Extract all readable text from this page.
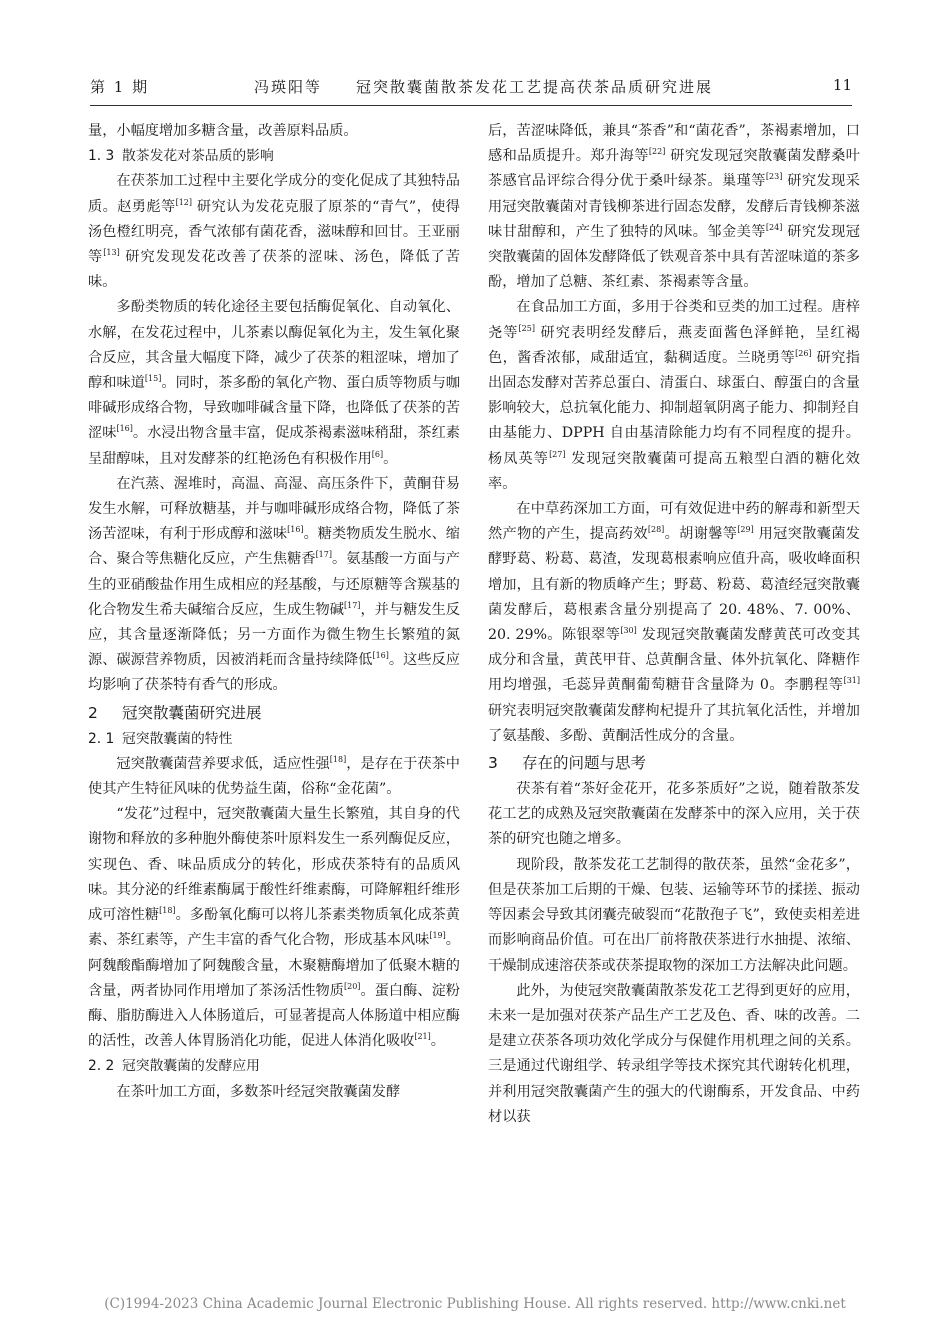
第 1 期	冯瑛阳等　　冠突散囊菌散茶发花工艺提高茯茶品质研究进展	11

量，小幅度增加多糖含量，改善原料品质。

1. 3 散茶发花对茶品质的影响

在茯茶加工过程中主要化学成分的变化促成了其独特品质。赵勇彪等[12] 研究认为发花克服了原茶的“青气”，使得汤色橙红明亮，香气浓郁有菌花香，滋味醇和回甘。王亚丽等[13] 研究发现发花改善了茯茶的涩味、汤色，降低了苦味。

多酚类物质的转化途径主要包括酶促氧化、自动氧化、水解，在发花过程中，儿茶素以酶促氧化为主，发生氧化聚合反应，其含量大幅度下降，减少了茯茶的粗涩味，增加了醇和味道[15]。同时，茶多酚的氧化产物、蛋白质等物质与咖啡碱形成络合物，导致咖啡碱含量下降，也降低了茯茶的苦涩味[16]。水浸出物含量丰富，促成茶褐素滋味稍甜，茶红素呈甜醇味，且对发酵茶的红艳汤色有积极作用[6]。

在汽蒸、渥堆时，高温、高湿、高压条件下，黄酮苷易发生水解，可释放糖基，并与咖啡碱形成络合物，降低了茶汤苦涩味，有利于形成醇和滋味[16]。糖类物质发生脱水、缩合、聚合等焦糖化反应，产生焦糖香[17]。氨基酸一方面与产生的亚硝酸盐作用生成相应的羟基酸，与还原糖等含羰基的化合物发生希夫碱缩合反应，生成生物碱[17]，并与糖发生反应，其含量逐渐降低；另一方面作为微生物生长繁殖的氮源、碳源营养物质，因被消耗而含量持续降低[16]。这些反应均影响了茯茶特有香气的形成。

2 冠突散囊菌研究进展

2. 1 冠突散囊菌的特性

冠突散囊菌营养要求低，适应性强[18]，是存在于茯茶中使其产生特征风味的优势益生菌，俗称“金花菌”。

“发花”过程中，冠突散囊菌大量生长繁殖，其自身的代谢物和释放的多种胞外酶使茶叶原料发生一系列酶促反应，实现色、香、味品质成分的转化，形成茯茶特有的品质风味。其分泌的纤维素酶属于酸性纤维素酶，可降解粗纤维形成可溶性糖[18]。多酚氧化酶可以将儿茶素类物质氧化成茶黄素、茶红素等，产生丰富的香气化合物，形成基本风味[19]。阿魏酸酯酶增加了阿魏酸含量，木聚糖酶增加了低聚木糖的含量，两者协同作用增加了茶汤活性物质[20]。蛋白酶、淀粉酶、脂肪酶进入人体肠道后，可显著提高人体肠道中相应酶的活性，改善人体胃肠消化功能，促进人体消化吸收[21]。

2. 2 冠突散囊菌的发酵应用

在茶叶加工方面，多数茶叶经冠突散囊菌发酵

后，苦涩味降低，兼具“茶香”和“菌花香”，茶褐素增加，口感和品质提升。郑升海等[22] 研究发现冠突散囊菌发酵桑叶茶感官品评综合得分优于桑叶绿茶。巢瑾等[23] 研究发现采用冠突散囊菌对青钱柳茶进行固态发酵，发酵后青钱柳茶滋味甘甜醇和，产生了独特的风味。邹金美等[24] 研究发现冠突散囊菌的固体发酵降低了铁观音茶中具有苦涩味道的茶多酚，增加了总糖、茶红素、茶褐素等含量。

在食品加工方面，多用于谷类和豆类的加工过程。唐梓尧等[25] 研究表明经发酵后，燕麦面酱色泽鲜艳，呈红褐色，酱香浓郁，咸甜适宜，黏稠适度。兰晓勇等[26] 研究指出固态发酵对苦荞总蛋白、清蛋白、球蛋白、醇蛋白的含量影响较大，总抗氧化能力、抑制超氧阴离子能力、抑制羟自由基能力、DPPH 自由基清除能力均有不同程度的提升。杨凤英等[27] 发现冠突散囊菌可提高五粮型白酒的糖化效率。

在中草药深加工方面，可有效促进中药的解毒和新型天然产物的产生，提高药效[28]。胡谢馨等[29] 用冠突散囊菌发酵野葛、粉葛、葛渣，发现葛根素响应值升高，吸收峰面积增加，且有新的物质峰产生；野葛、粉葛、葛渣经冠突散囊菌发酵后，葛根素含量分别提高了 20. 48%、7. 00%、20. 29%。陈银翠等[30] 发现冠突散囊菌发酵黄芪可改变其成分和含量，黄芪甲苷、总黄酮含量、体外抗氧化、降糖作用均增强，毛蕊异黄酮葡萄糖苷含量降为 0。李鹏程等[31] 研究表明冠突散囊菌发酵枸杞提升了其抗氧化活性，并增加了氨基酸、多酚、黄酮活性成分的含量。

3 存在的问题与思考

茯茶有着“茶好金花开，花多茶质好”之说，随着散茶发花工艺的成熟及冠突散囊菌在发酵茶中的深入应用，关于茯茶的研究也随之增多。

现阶段，散茶发花工艺制得的散茯茶，虽然“金花多”，但是茯茶加工后期的干燥、包装、运输等环节的揉搓、振动等因素会导致其闭囊壳破裂而“花散孢子飞”，致使卖相差进而影响商品价值。可在出厂前将散茯茶进行水抽提、浓缩、干燥制成速溶茯茶或茯茶提取物的深加工方法解决此问题。

此外，为使冠突散囊菌散茶发花工艺得到更好的应用，未来一是加强对茯茶产品生产工艺及色、香、味的改善。二是建立茯茶各项功效化学成分与保健作用机理之间的关系。三是通过代谢组学、转录组学等技术探究其代谢转化机理，并利用冠突散囊菌产生的强大的代谢酶系，开发食品、中药材以获

(C)1994-2023 China Academic Journal Electronic Publishing House. All rights reserved. http://www.cnki.net
